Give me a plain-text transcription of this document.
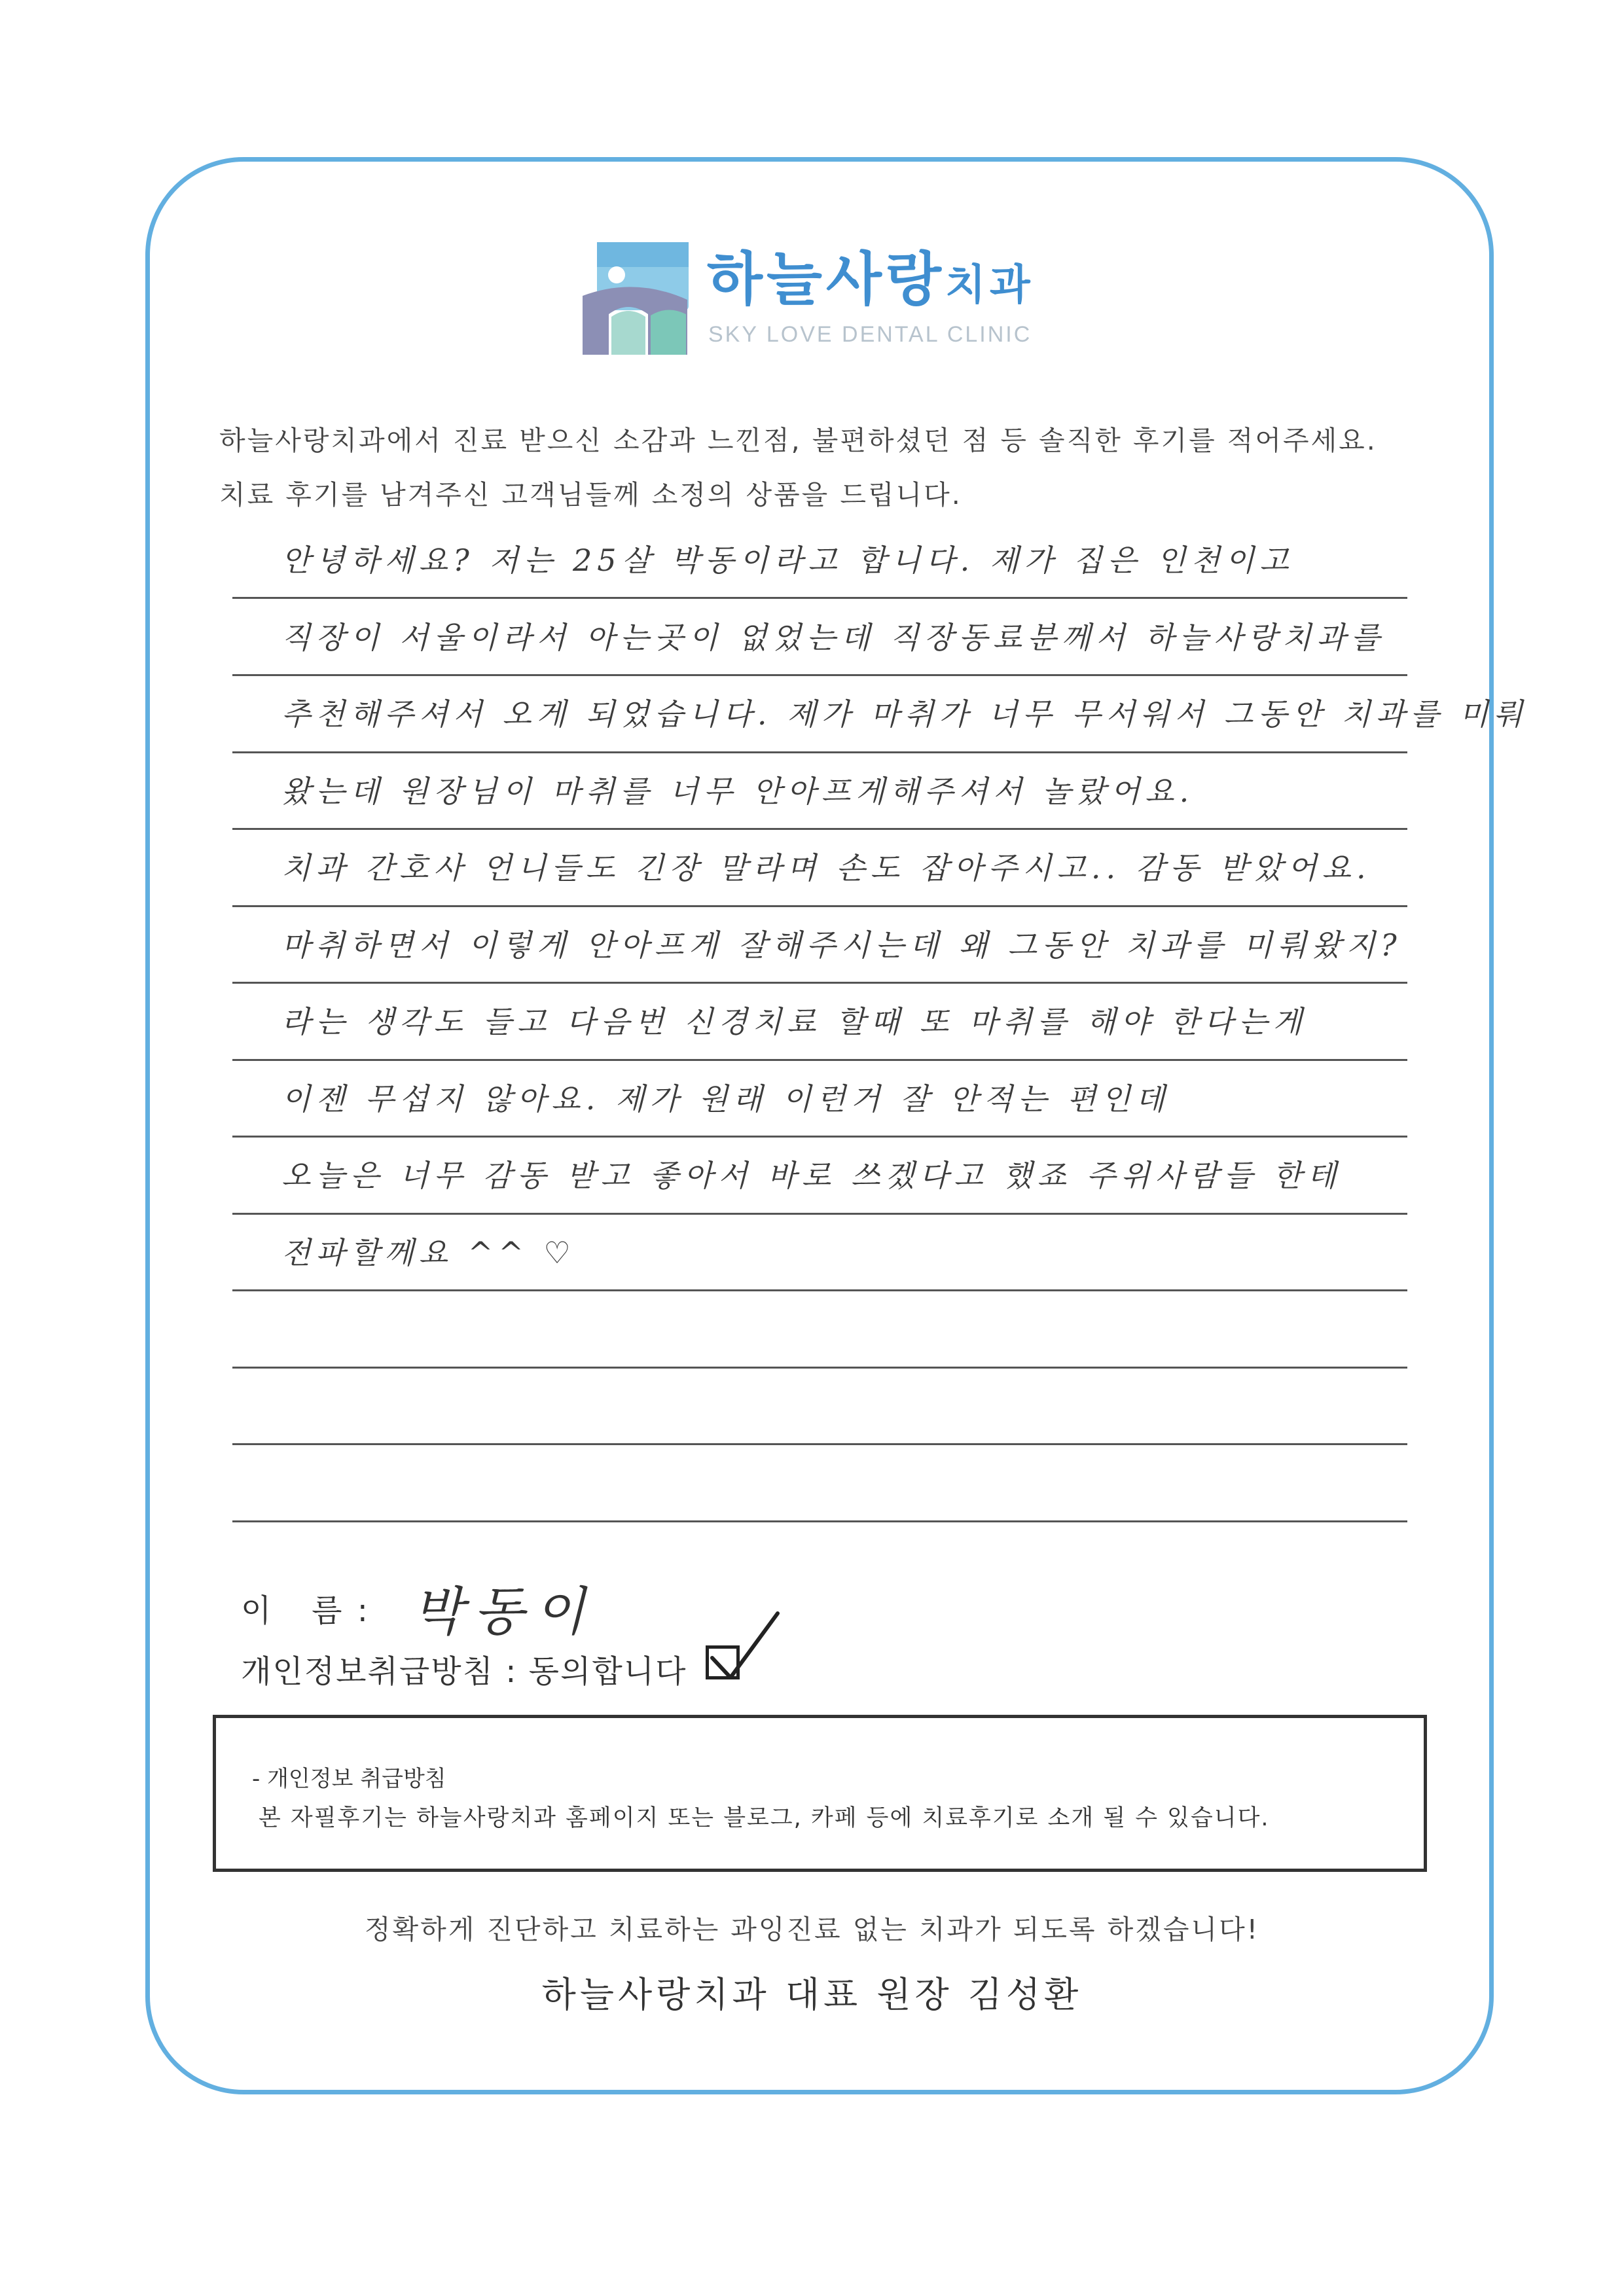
하늘사랑치과
SKY LOVE DENTAL CLINIC
하늘사랑치과에서 진료 받으신 소감과 느낀점, 불편하셨던 점 등 솔직한 후기를 적어주세요.
치료 후기를 남겨주신 고객님들께 소정의 상품을 드립니다.
안녕하세요? 저는 25살 박동이라고 합니다. 제가 집은 인천이고
직장이 서울이라서 아는곳이 없었는데 직장동료분께서 하늘사랑치과를
추천해주셔서 오게 되었습니다. 제가 마취가 너무 무서워서 그동안 치과를 미뤄
왔는데 원장님이 마취를 너무 안아프게해주셔서 놀랐어요.
치과 간호사 언니들도 긴장 말라며 손도 잡아주시고.. 감동 받았어요.
마취하면서 이렇게 안아프게 잘해주시는데 왜 그동안 치과를 미뤄왔지?
라는 생각도 들고 다음번 신경치료 할때 또 마취를 해야 한다는게
이젠 무섭지 않아요. 제가 원래 이런거 잘 안적는 편인데
오늘은 너무 감동 받고 좋아서 바로 쓰겠다고 했죠 주위사람들 한테
전파할께요 ^^ ♡
이   름 : 박동이
개인정보취급방침 : 동의합니다
- 개인정보 취급방침
본 자필후기는 하늘사랑치과 홈페이지 또는 블로그, 카페 등에 치료후기로 소개 될 수 있습니다.
정확하게 진단하고 치료하는 과잉진료 없는 치과가 되도록 하겠습니다!
하늘사랑치과 대표 원장 김성환
